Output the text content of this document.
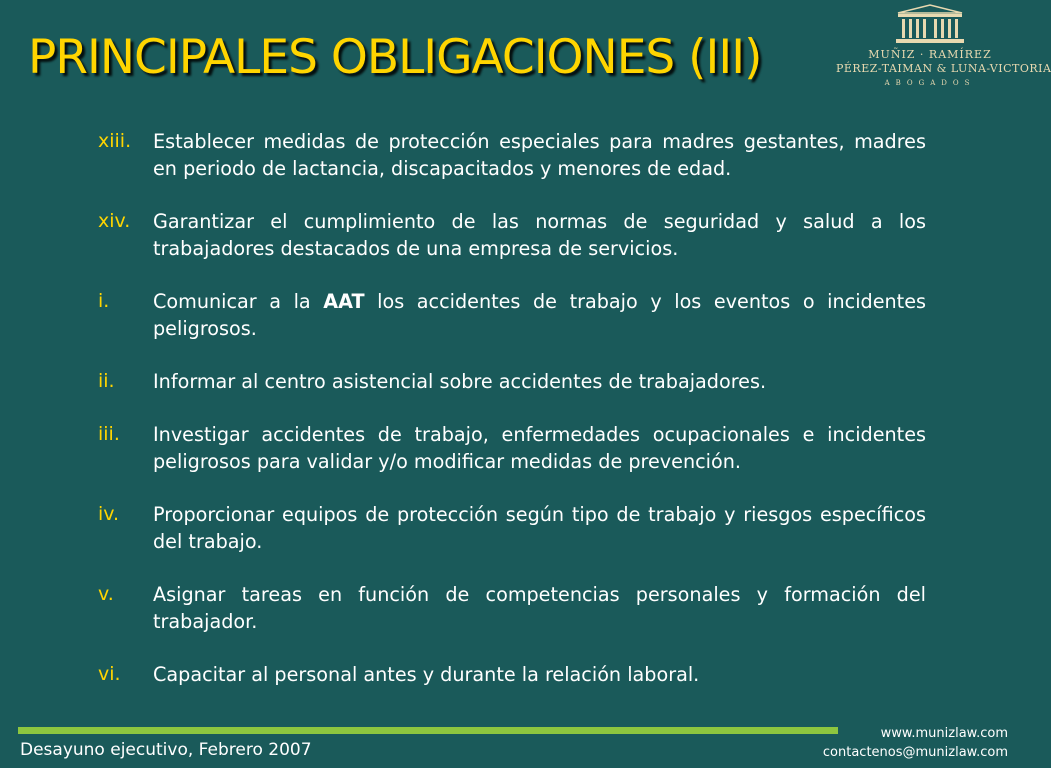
PRINCIPALES OBLIGACIONES (III)	MUÑIZ · RAMÍREZ
PÉREZ-TAIMAN & LUNA-VICTORIA
ABOGADOS
xiii. Establecer medidas de protección especiales para madres gestantes, madres en periodo de lactancia, discapacitados y menores de edad.
xiv. Garantizar el cumplimiento de las normas de seguridad y salud a los trabajadores destacados de una empresa de servicios.
i. Comunicar a la AAT los accidentes de trabajo y los eventos o incidentes peligrosos.
ii. Informar al centro asistencial sobre accidentes de trabajadores.
iii. Investigar accidentes de trabajo, enfermedades ocupacionales e incidentes peligrosos para validar y/o modificar medidas de prevención.
iv. Proporcionar equipos de protección según tipo de trabajo y riesgos específicos del trabajo.
v. Asignar tareas en función de competencias personales y formación del trabajador.
vi. Capacitar al personal antes y durante la relación laboral.
Desayuno ejecutivo, Febrero 2007
www.munizlaw.com
contactenos@munizlaw.com
